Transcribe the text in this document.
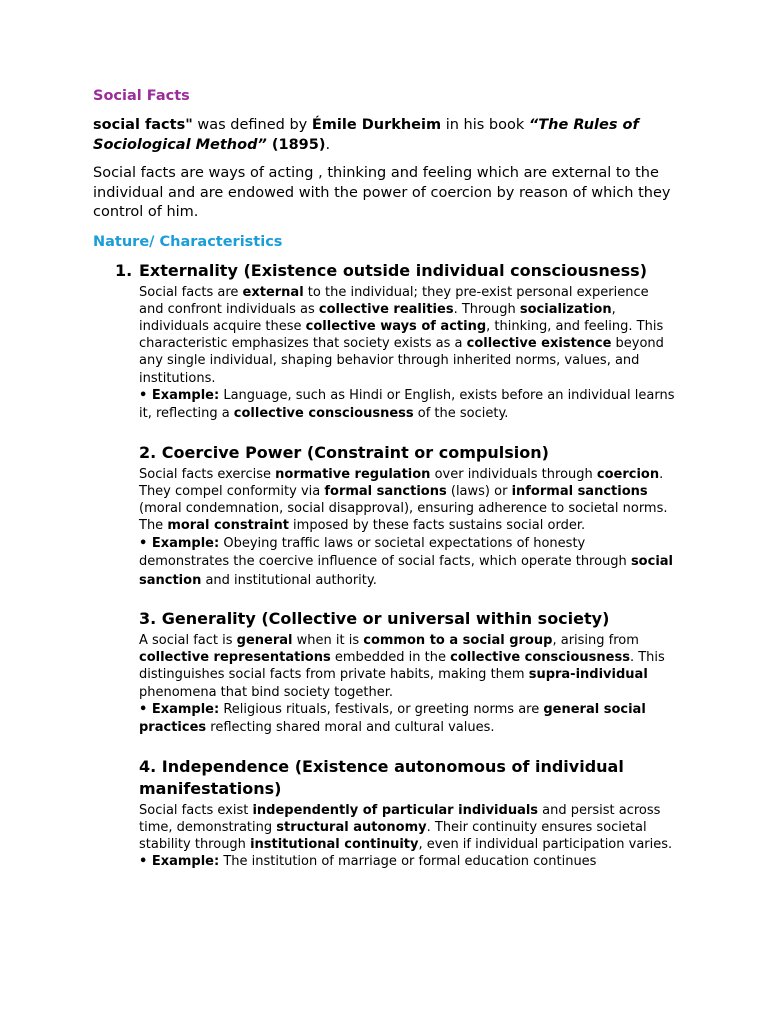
Social Facts

social facts" was defined by Émile Durkheim in his book “The Rules of Sociological Method” (1895).

Social facts are ways of acting , thinking and feeling which are external to the individual and are endowed with the power of coercion by reason of which they control of him.

Nature/ Characteristics
1. Externality (Existence outside individual consciousness)

Social facts are external to the individual; they pre-exist personal experience and confront individuals as collective realities. Through socialization, individuals acquire these collective ways of acting, thinking, and feeling. This characteristic emphasizes that society exists as a collective existence beyond any single individual, shaping behavior through inherited norms, values, and institutions.

• Example: Language, such as Hindi or English, exists before an individual learns it, reflecting a collective consciousness of the society.

2. Coercive Power (Constraint or compulsion)

Social facts exercise normative regulation over individuals through coercion. They compel conformity via formal sanctions (laws) or informal sanctions (moral condemnation, social disapproval), ensuring adherence to societal norms. The moral constraint imposed by these facts sustains social order.

• Example: Obeying traffic laws or societal expectations of honesty demonstrates the coercive influence of social facts, which operate through social sanction and institutional authority.

3. Generality (Collective or universal within society)

A social fact is general when it is common to a social group, arising from collective representations embedded in the collective consciousness. This distinguishes social facts from private habits, making them supra-individual phenomena that bind society together.

• Example: Religious rituals, festivals, or greeting norms are general social practices reflecting shared moral and cultural values.

4. Independence (Existence autonomous of individual manifestations)

Social facts exist independently of particular individuals and persist across time, demonstrating structural autonomy. Their continuity ensures societal stability through institutional continuity, even if individual participation varies.

• Example: The institution of marriage or formal education continues
